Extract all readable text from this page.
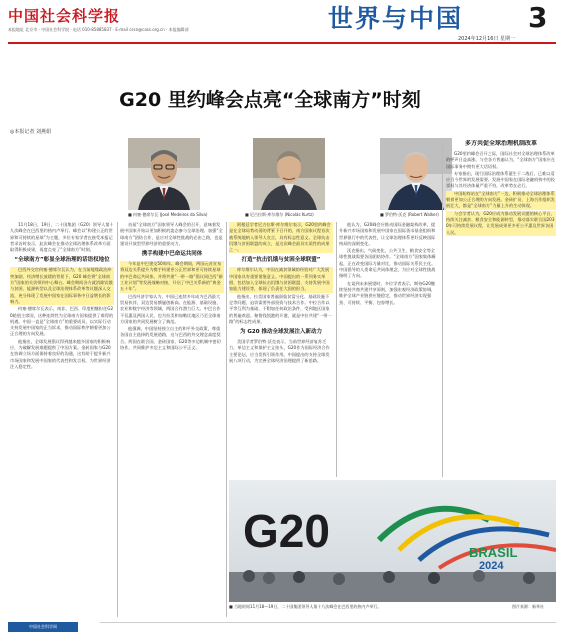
中国社会科学报
本报地址 北京市 · 中国社会科学院 · 电话 010-85885837 · E-mail cssn@cass.org.cn · 本报编辑部	世界与中国 3
2024年12月16日 星期一
G20 里约峰会点亮“全球南方”时刻
◎本报记者 刘燕娟
■ 何塞·德席尔瓦 (José Medeiros da Silva)	■ 尼古拉斯·库尔维尔 (Nicolás Kurtz)	■ 罗伯特·沃克 (Robert Walker)

11月18日、19日，二十国集团（G20）领导人第十九次峰会在巴西里约热内卢举行。峰会以“构建公正的世界和可持续的星球”为主题，多位专家学者在接受本报记者采访时表示，此次峰会在推动全球治理体系改革方面取得积极成果，再度点亮了“全球南方”时刻。

“全球南方”彰显全球治理的话语权地位

巴西外交官何塞·德席尔瓦认为，在当前地缘政治冲突加剧、经济增长放缓的背景下，G20 峰会将“全球南方”国家的关切带到中心舞台。峰会期间各方就消除饥饿与贫困、能源转型以及全球治理体系改革等议题深入交流，充分体现了发展中国家在国际事务中日益增长的影响力。

何塞·德席尔瓦表示，南非、巴西、印度相继担任G20轮值主席国，这种连续性为全球南方国家提供了难得的机遇。中国一直是“全球南方”的重要成员，以实际行动支持发展中国家的正当诉求，推动国际秩序朝着更加公正合理的方向发展。

他指出，全球发展倡议得到越来越多国家的积极响应，为破解发展难题提供了中国方案。金砖国家与G20在协调立场方面保持着良好的沟通，这有助于提升新兴市场国家和发展中国家的代表性和发言权，为世界经济注入稳定性。

首届“全球南方”国家领导人峰会的召开，意味着发展中国家开始以更加积极的姿态参与全球治理。加强“全球南方”团结合作，是应对全球性挑战的必由之路，也是建设开放型世界经济的重要动力。

携手构建中巴命运共同体

今年是中巴建交50周年。峰会期间，两国元首宣布将双边关系提升为携手构建更公正世界和更可持续星球的中巴命运共同体，并将共建“一带一路”倡议同巴西“新工业计划”等发展战略对接，开启了中巴关系新的“黄金五十年”。

巴西经济学家认为，中国已连续多年成为巴西最大贸易伙伴，双边贸易额屡创新高。在能源、基础设施、农业和数字经济等领域，两国合作潜力巨大。中巴合作不仅惠及两国人民，也为拉美和加勒比地区乃至全球南方国家的共同发展树立了典范。

他强调，中国坚持独立自主的和平外交政策，尊重各国自主选择的发展道路，这与巴西的外交理念高度契合。两国在联合国、金砖国家、G20等多边机制中密切协作，共同维护多边主义和国际公平正义。

阿根廷学者尼古拉斯·库尔维尔表示，G20里约峰会是在全球局势动荡的背景下召开的，南方国家议程首次被系统地纳入领导人宣言，具有标志性意义。全球抗击饥饿与贫困联盟的成立，是这次峰会最具实质性的成果之一。

打造“抗击饥饿与贫困全球联盟”

库尔维尔认为，中国在减贫领域的经验对广大发展中国家具有重要借鉴意义。中国提出的一系列务实举措，包括加入全球抗击饥饿与贫困联盟、支持发展中国家能力建设等，体现了负责任大国的担当。

他指出，拉美国家普遍面临贫富分化、基础设施不足等问题，迫切需要外部投资与技术合作。中拉合作以平等互利为基础，不附加任何政治条件，受到地区国家的普遍欢迎。秘鲁钱凯港的开港，就是中拉共建“一带一路”的标志性成果。

为 G20 推动全球发展注入新动力

美国学者罗伯特·沃克表示，当前世界经济复苏乏力，单边主义和保护主义抬头，G20作为国际经济合作主要论坛，应当发挥引领作用。中国提出的支持全球发展八项行动，为完善全球经济治理提供了新思路。

他认为，G20峰会应推动国际金融架构改革，提升新兴市场国家和发展中国家在国际货币基金组织和世界银行中的代表性，让全球治理体系更好反映国际格局的深刻变化。

沃克指出，气候变化、公共卫生、粮食安全等全球性挑战需要各国团结协作。“全球南方”国家集体崛起，正在改变国际力量对比，推动国际关系民主化。中国倡导的人类命运共同体理念，为应对全球性挑战指明了方向。

在谈到未来展望时，多位学者表示，期待G20继续坚持共商共建共享原则，加强宏观经济政策协调，维护全球产业链供应链稳定，推动世界经济实现强劲、可持续、平衡、包容增长。

多方共促全球治理机制改革

G20里约峰会召开之际，国际社会对全球治理体系改革的呼声日益高涨。与会各方普遍认为，“全球南方”国家应在国际事务中拥有更大话语权。

专家指出，现行国际治理体系诞生于二战后，已难以适应当今世界的发展需要。发展中国家在国际金融机构中的投票权与其经济体量严重不符，改革势在必行。

中国始终站在“全球南方”一边，积极推动全球治理体系朝着更加公正合理的方向发展。金砖扩员、上海合作组织发展壮大，都是“全球南方”力量上升的生动体现。

与会学者认为，G20应成为推动发展议题的核心平台，持续关注减贫、粮食安全和能源转型，推动落实联合国2030年可持续发展议程，让发展成果更多更公平惠及世界各国人民。

G20	BRASIL
2024
■ 当地时间11月18—19日，二十国集团领导人第十九次峰会在巴西里约热内卢举行。	图片来源：新华社
中国社会科学网
